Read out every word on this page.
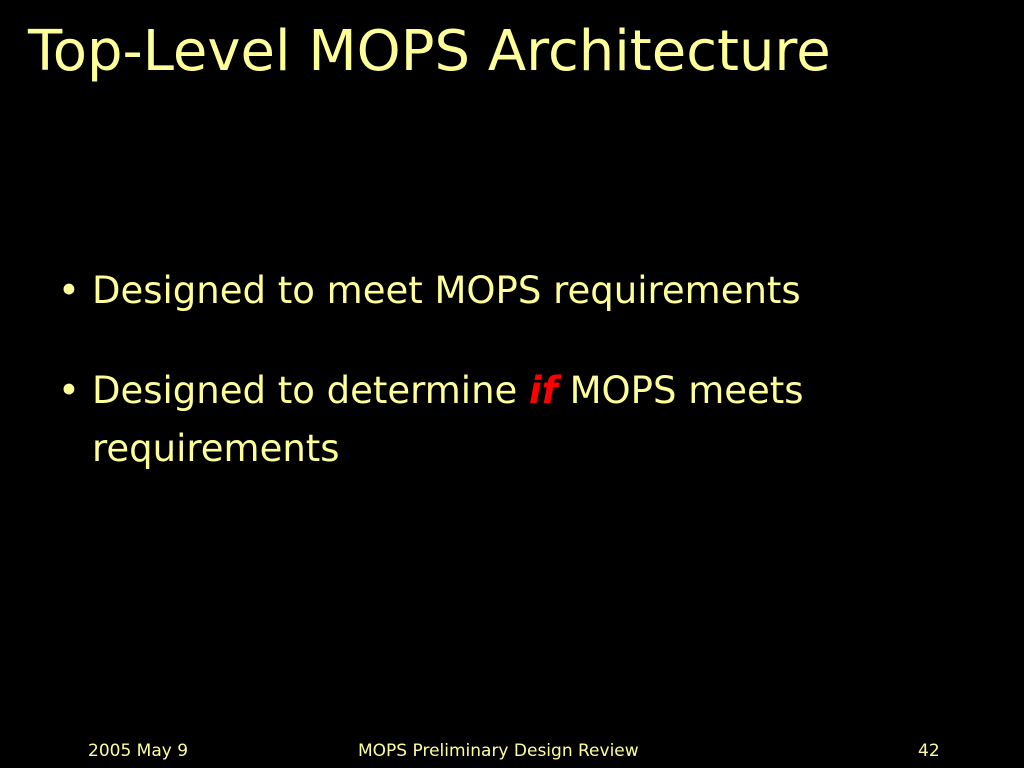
Top-Level MOPS Architecture
• Designed to meet MOPS requirements
• Designed to determine if MOPS meets requirements
2005 May 9	MOPS Preliminary Design Review	42
